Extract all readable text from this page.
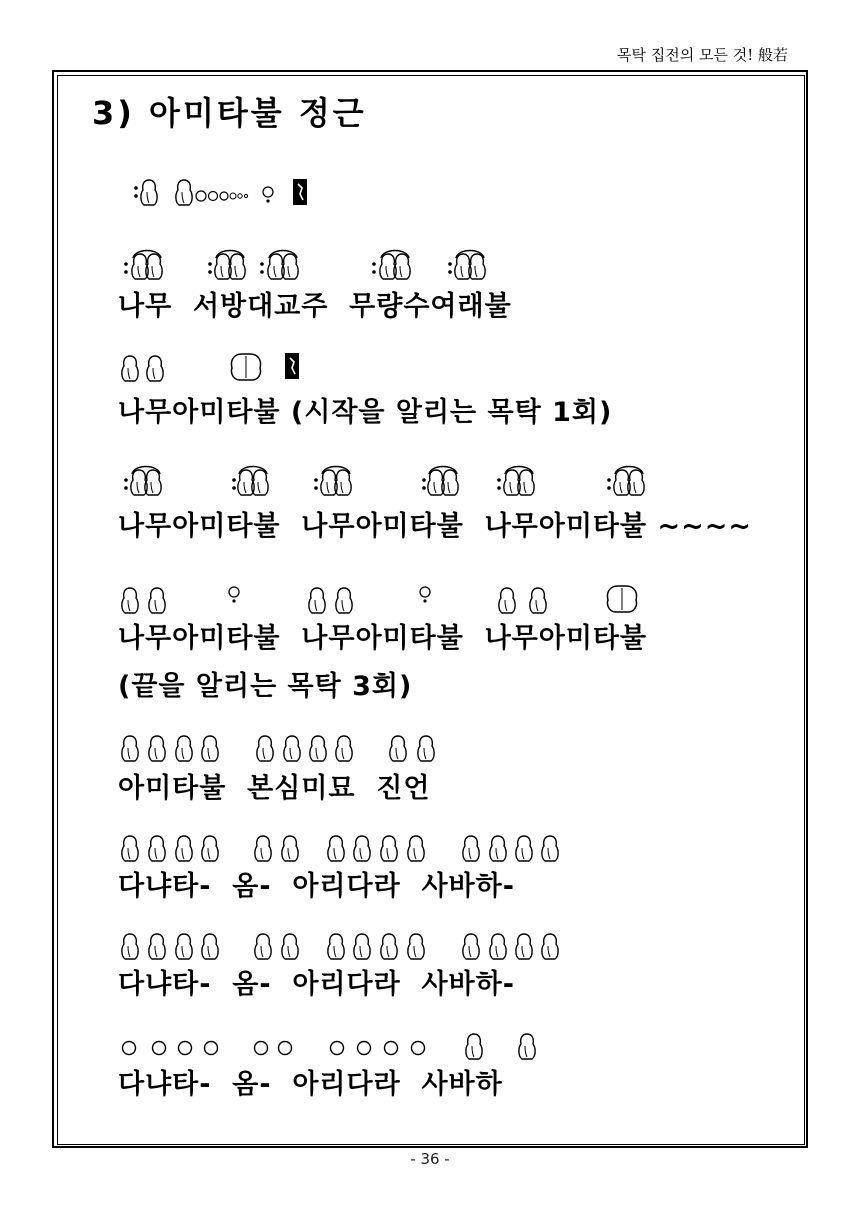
목탁 집전의 모든 것! 般若
3) 아미타불 정근
나무  서방대교주  무량수여래불
나무아미타불 (시작을 알리는 목탁 1회)
나무아미타불  나무아미타불  나무아미타불 ~~~~
나무아미타불  나무아미타불  나무아미타불
(끝을 알리는 목탁 3회)
아미타불  본심미묘  진언
다냐타-  옴-  아리다라  사바하-
다냐타-  옴-  아리다라  사바하-
다냐타-  옴-  아리다라  사바하
- 36 -
